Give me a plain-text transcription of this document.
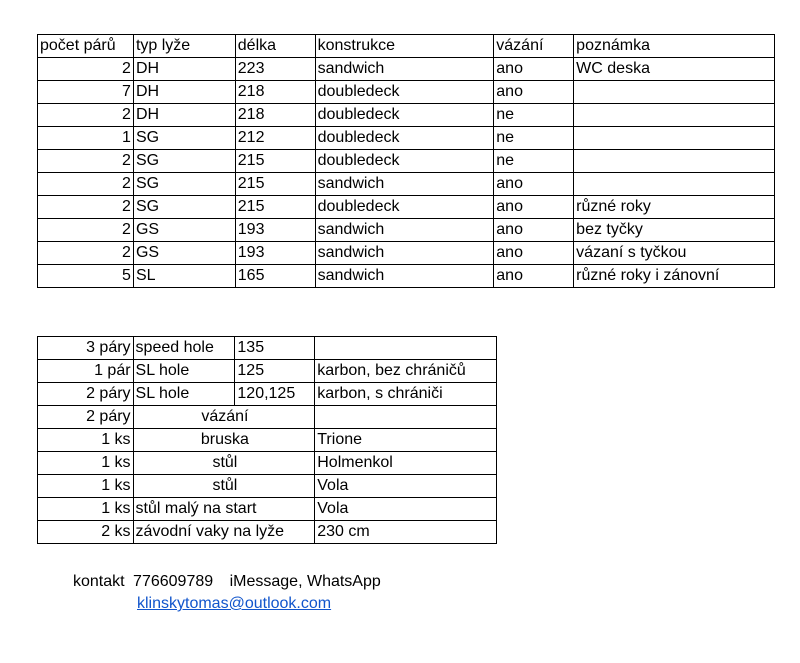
počet párů	typ lyže	délka	konstrukce	vázání	poznámka
2	DH	223	sandwich	ano	WC deska
7	DH	218	doubledeck	ano	
2	DH	218	doubledeck	ne	
1	SG	212	doubledeck	ne	
2	SG	215	doubledeck	ne	
2	SG	215	sandwich	ano	
2	SG	215	doubledeck	ano	různé roky
2	GS	193	sandwich	ano	bez tyčky
2	GS	193	sandwich	ano	vázaní s tyčkou
5	SL	165	sandwich	ano	různé roky i zánovní
3 páry	speed hole	135	
1 pár	SL hole	125	karbon, bez chráničů
2 páry	SL hole	120,125	karbon, s chrániči
2 páry	vázání		
1 ks	bruska		Trione
1 ks	stůl		Holmenkol
1 ks	stůl		Vola
1 ks	stůl malý na start		Vola
2 ks	závodní vaky na lyže		230 cm
kontakt 776609789 iMessage, WhatsApp
klinskytomas@outlook.com
